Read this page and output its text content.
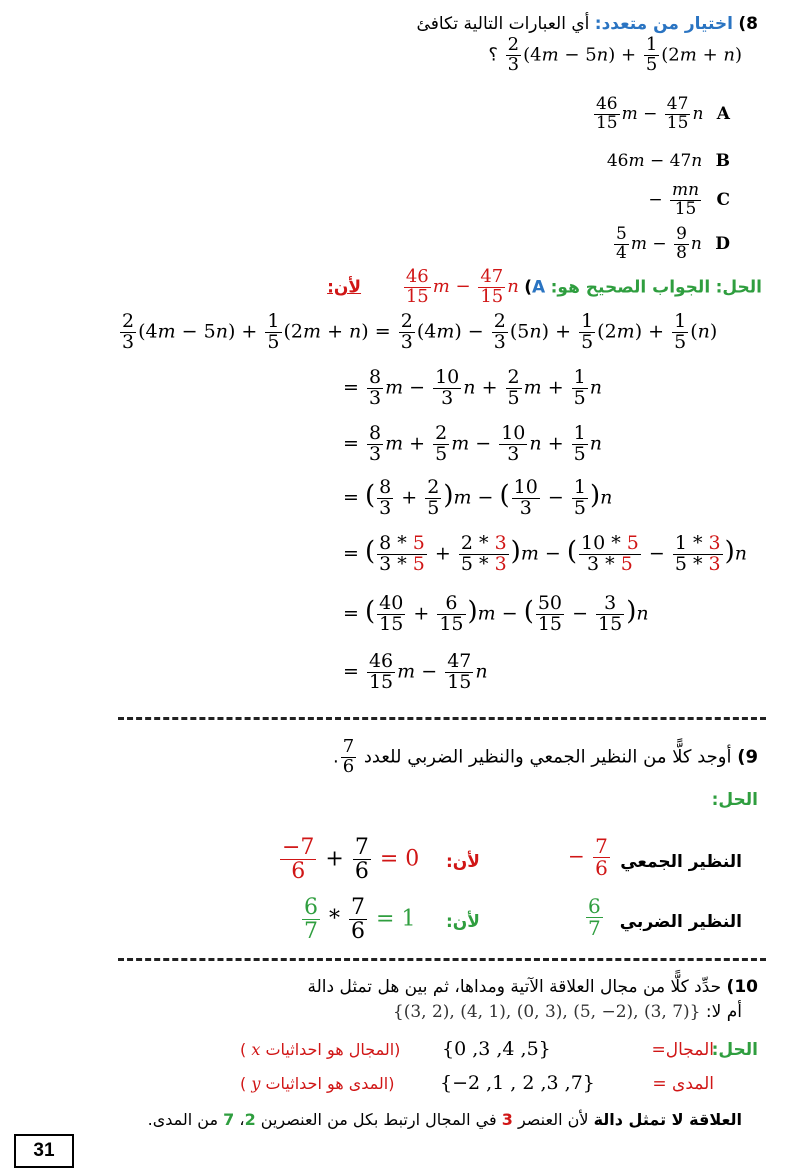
8) اختيار من متعدد: أي العبارات التالية تكافئ
؟ $\frac{2}{3} (4m - 5n) + \frac{1}{5} (2m + n)$
$\frac{46}{15}$ $m - \frac{47}{15}$ n A
46m − 47n B
− $\frac{mn}{15}$ C
$\frac{5}{4}$ $m - \frac{9}{8}$ n D
الحل: الجواب الصحيح هو: A)
$\frac{46}{15}$ $m - \frac{47}{15}$ n  لأن:
$\frac{2}{3} (4m - 5n) + \frac{1}{5} (2m + n) = \frac{2}{3} (4m) - \frac{2}{3} (5n) + \frac{1}{5} (2m) + \frac{1}{5} (n)$
= $\frac{8}{3}$ $m - \frac{10}{3}$ $n + \frac{2}{5}$ $m + \frac{1}{5}$ n
= $\frac{8}{3}$ $m + \frac{2}{5}$ $m - \frac{10}{3}$ $n + \frac{1}{5}$ n
= ( $\frac{8}{3} + \frac{2}{5} )m$ − ( $\frac{10}{3} - \frac{1}{5} )n$
= ( $\frac{8 * 5}{3 * 5} + \frac{2 * 3}{5 * 3} )m$ − ( $\frac{10 * 5}{3 * 5} - \frac{1 * 3}{5 * 3} )n$
= ( $\frac{40}{15} + \frac{6}{15} )m$ − ( $\frac{50}{15} - \frac{3}{15} )n$
= $\frac{46}{15}$ $m - \frac{47}{15}$ n
9) أوجد كلًّا من النظير الجمعي والنظير الضربي للعدد
$\frac{7}{6}$
.
الحل:
النظير الجمعي
− $\frac{7}{6}$
لأن:
$\frac{-7}{6} + \frac{7}{6} = 0$
النظير الضربي
$\frac{6}{7}$
لأن:
$\frac{6}{7} * \frac{7}{6} = 1$
10) حدِّد كلًّا من مجال العلاقة الآتية ومداها، ثم بين هل تمثل دالة
أم لا: {(3, 2), (4, 1), (0, 3), (5, −2), (3, 7)}
الحل:
المجال=
{0 ,3 ,4 ,5}
(المجال هو احداثيات x )
المدى =
{−2 ,1 , 2 ,3 ,7}
(المدى هو احداثيات y )
العلاقة لا تمثل دالة لأن العنصر 3 في المجال ارتبط بكل من العنصرين 2، 7 من المدى.
31
